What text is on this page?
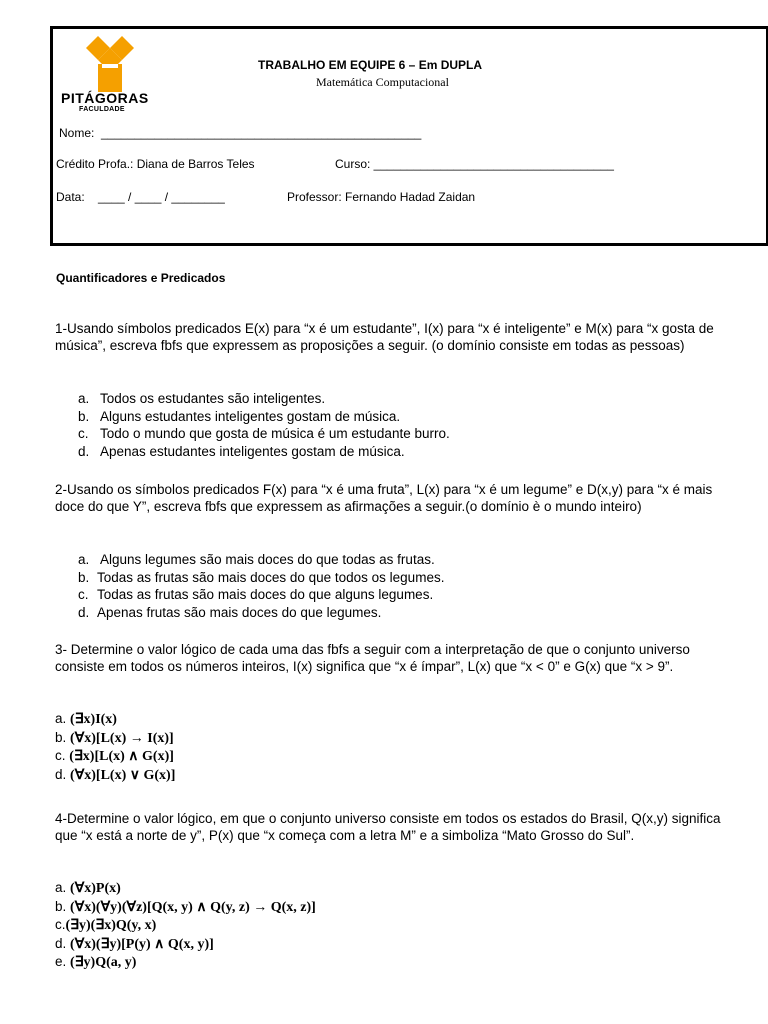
PITÁGORAS
FACULDADE
TRABALHO EM EQUIPE 6 – Em DUPLA
Matemática Computacional
Nome:  ________________________________________________
Crédito Profa.: Diana de Barros Teles	Curso: ____________________________________
Data:    ____ / ____ / ________	Professor: Fernando Hadad Zaidan
Quantificadores e Predicados
1-Usando símbolos predicados E(x) para “x é um estudante”, I(x) para “x é inteligente” e M(x) para “x gosta de música”, escreva fbfs que expressem as proposições a seguir. (o domínio consiste em todas as pessoas)
a. Todos os estudantes são inteligentes.
b. Alguns estudantes inteligentes gostam de música.
c. Todo o mundo que gosta de música é um estudante burro.
d. Apenas estudantes inteligentes gostam de música.
2-Usando os símbolos predicados F(x) para “x é uma fruta”, L(x) para “x é um legume” e D(x,y) para “x é mais doce do que Y”, escreva fbfs que expressem as afirmações a seguir.(o domínio è o mundo inteiro)
a. Alguns legumes são mais doces do que todas as frutas.
b. Todas as frutas são mais doces do que todos os legumes.
c. Todas as frutas são mais doces do que alguns legumes.
d. Apenas frutas são mais doces do que legumes.
3- Determine o valor lógico de cada uma das fbfs a seguir com a interpretação de que o conjunto universo consiste em todos os números inteiros, I(x) significa que “x é ímpar”, L(x) que “x < 0” e G(x) que “x > 9”.
a. (∃x)I(x)
b. (∀x)[L(x) → I(x)]
c. (∃x)[L(x) ∧ G(x)]
d. (∀x)[L(x) ∨ G(x)]
4-Determine o valor lógico, em que o conjunto universo consiste em todos os estados do Brasil, Q(x,y) significa que “x está a norte de y”, P(x) que “x começa com a letra M” e a simboliza “Mato Grosso do Sul”.
a. (∀x)P(x)
b. (∀x)(∀y)(∀z)[Q(x, y) ∧ Q(y, z) → Q(x, z)]
c.(∃y)(∃x)Q(y, x)
d. (∀x)(∃y)[P(y) ∧ Q(x, y)]
e. (∃y)Q(a, y)
